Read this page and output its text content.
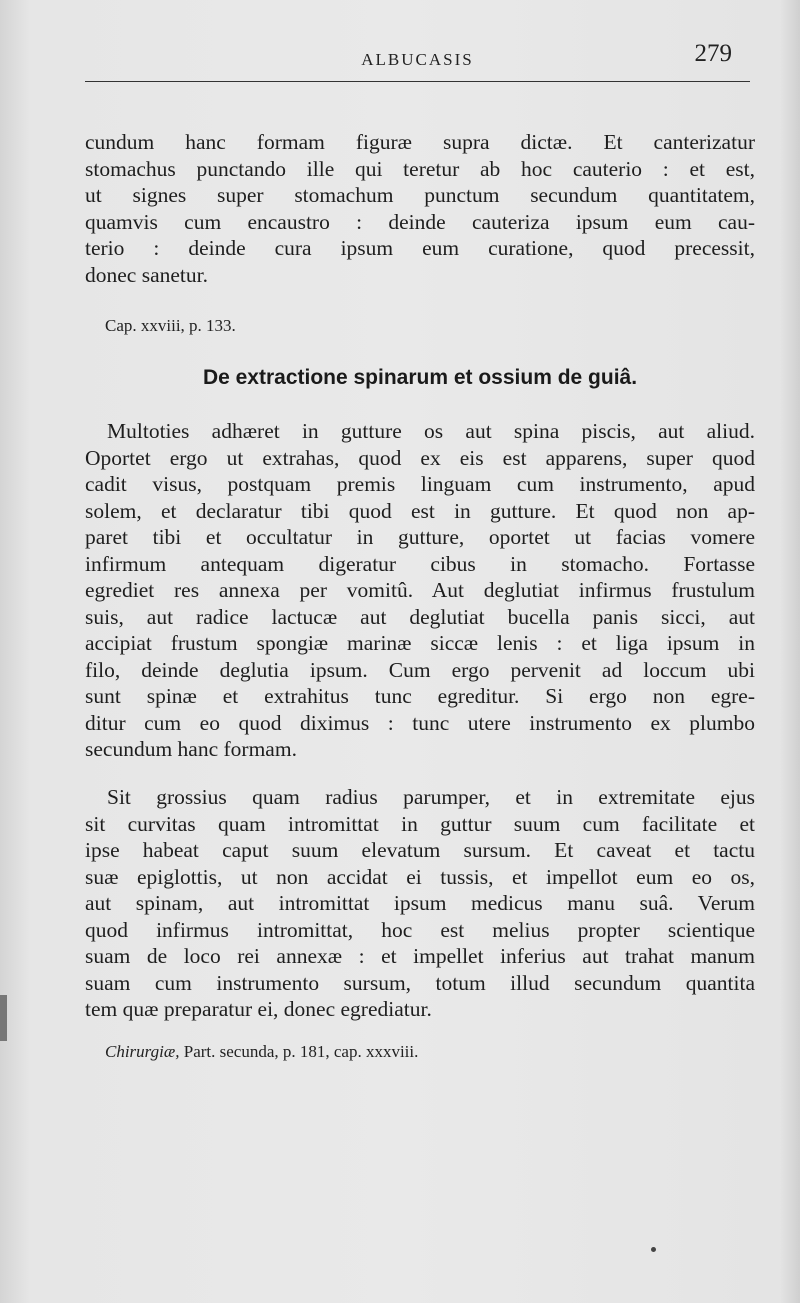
ALBUCASIS	279
cundum hanc formam figuræ supra dictæ. Et canterizatur
stomachus punctando ille qui teretur ab hoc cauterio : et est,
ut signes super stomachum punctum secundum quantitatem,
quamvis cum encaustro : deinde cauteriza ipsum eum cau-
terio : deinde cura ipsum eum curatione, quod precessit,
donec sanetur.
Cap. xxviii, p. 133.
De extractione spinarum et ossium de guiâ.
Multoties adhæret in gutture os aut spina piscis, aut aliud.
Oportet ergo ut extrahas, quod ex eis est apparens, super quod
cadit visus, postquam premis linguam cum instrumento, apud
solem, et declaratur tibi quod est in gutture. Et quod non ap-
paret tibi et occultatur in gutture, oportet ut facias vomere
infirmum antequam digeratur cibus in stomacho. Fortasse
egrediet res annexa per vomitû. Aut deglutiat infirmus frustulum
suis, aut radice lactucæ aut deglutiat bucella panis sicci, aut
accipiat frustum spongiæ marinæ siccæ lenis : et liga ipsum in
filo, deinde deglutia ipsum. Cum ergo pervenit ad loccum ubi
sunt spinæ et extrahitus tunc egreditur. Si ergo non egre-
ditur cum eo quod diximus : tunc utere instrumento ex plumbo
secundum hanc formam.
Sit grossius quam radius parumper, et in extremitate ejus
sit curvitas quam intromittat in guttur suum cum facilitate et
ipse habeat caput suum elevatum sursum. Et caveat et tactu
suæ epiglottis, ut non accidat ei tussis, et impellot eum eo os,
aut spinam, aut intromittat ipsum medicus manu suâ. Verum
quod infirmus intromittat, hoc est melius propter scientique
suam de loco rei annexæ : et impellet inferius aut trahat manum
suam cum instrumento sursum, totum illud secundum quantita
tem quæ preparatur ei, donec egrediatur.
Chirurgiæ, Part. secunda, p. 181, cap. xxxviii.
